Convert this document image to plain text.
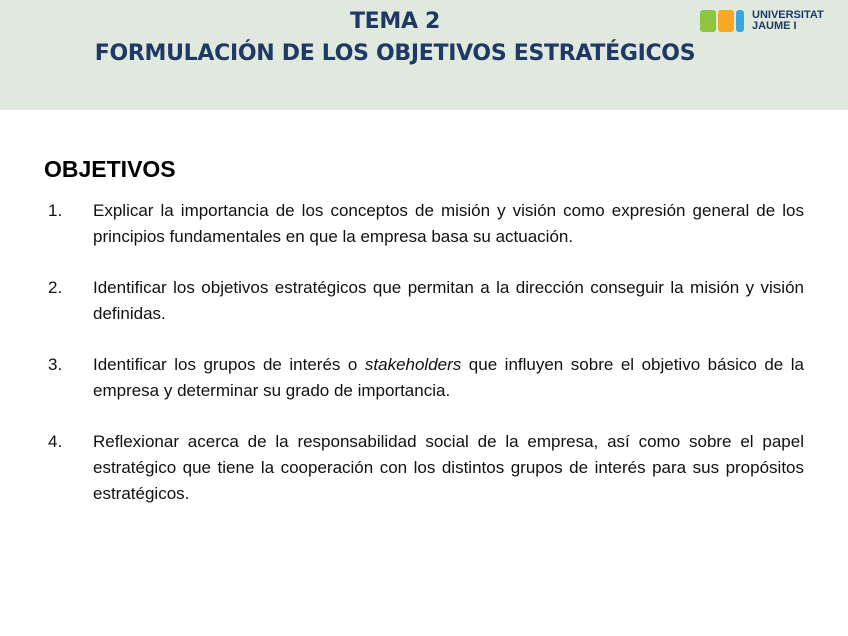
TEMA 2
FORMULACIÓN DE LOS OBJETIVOS ESTRATÉGICOS
UNIVERSITAT
JAUME I
OBJETIVOS
1.	Explicar la importancia de los conceptos de misión y visión como expresión general de los principios fundamentales en que la empresa basa su actuación.
2.	Identificar los objetivos estratégicos que permitan a la dirección conseguir la misión y visión definidas.
3.	Identificar los grupos de interés o stakeholders que influyen sobre el objetivo básico de la empresa y determinar su grado de importancia.
4.	Reflexionar acerca de la responsabilidad social de la empresa, así como sobre el papel estratégico que tiene la cooperación con los distintos grupos de interés para sus propósitos estratégicos.
